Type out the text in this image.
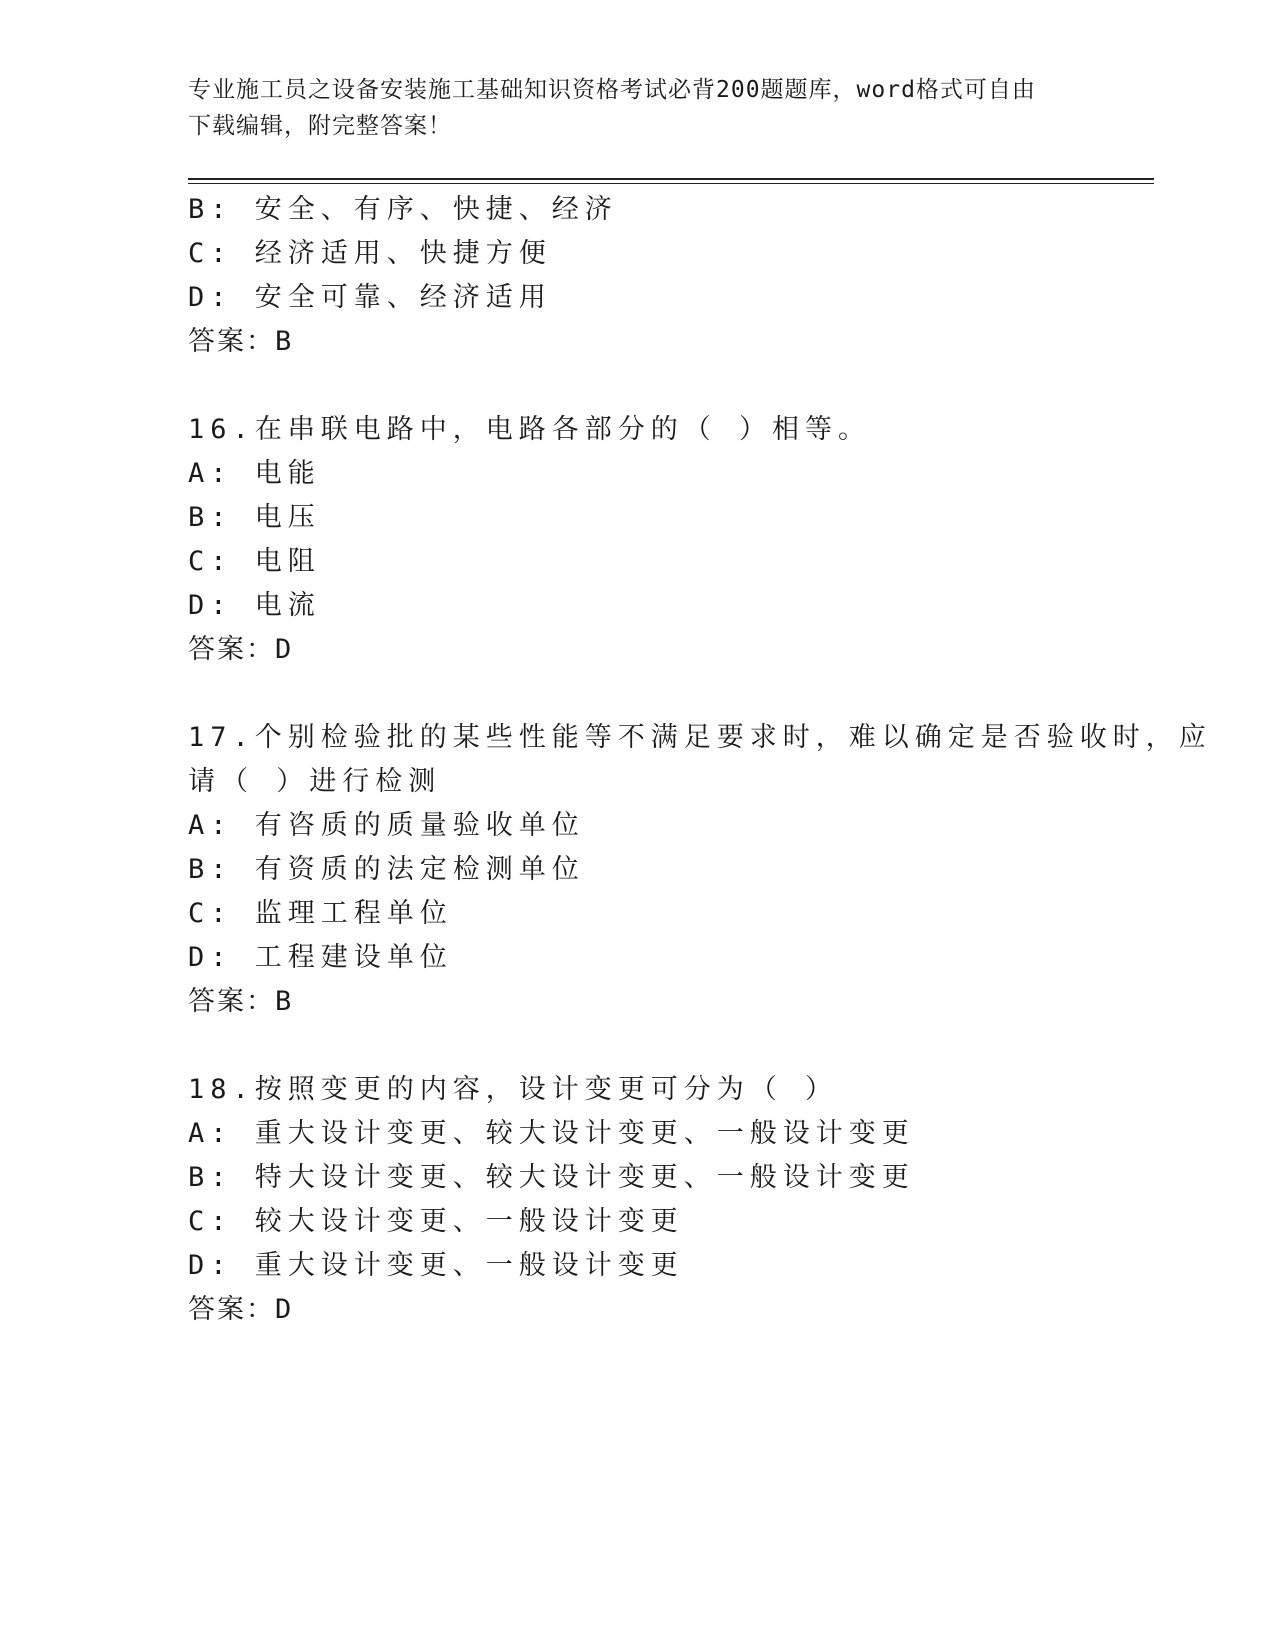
专业施工员之设备安装施工基础知识资格考试必背200题题库，word格式可自由
下载编辑，附完整答案！
B: 安全、有序、快捷、经济
C: 经济适用、快捷方便
D: 安全可靠、经济适用
答案：B
16.在串联电路中，电路各部分的（ ）相等。
A: 电能
B: 电压
C: 电阻
D: 电流
答案：D
17.个别检验批的某些性能等不满足要求时，难以确定是否验收时，应
请（ ）进行检测
A: 有咨质的质量验收单位
B: 有资质的法定检测单位
C: 监理工程单位
D: 工程建设单位
答案：B
18.按照变更的内容，设计变更可分为（ ）
A: 重大设计变更、较大设计变更、一般设计变更
B: 特大设计变更、较大设计变更、一般设计变更
C: 较大设计变更、一般设计变更
D: 重大设计变更、一般设计变更
答案：D
